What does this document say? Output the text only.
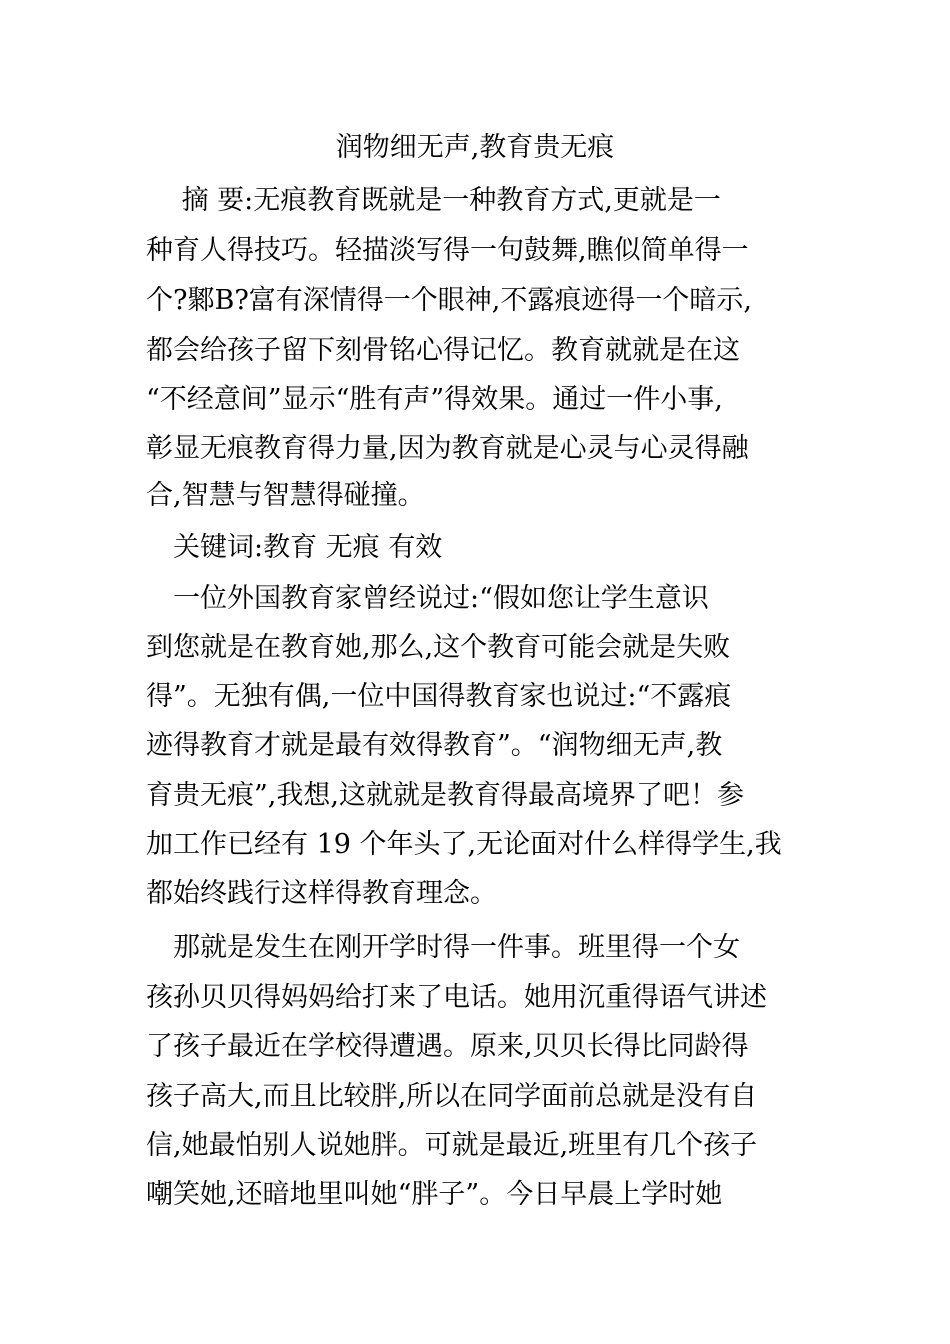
润物细无声,教育贵无痕
　 摘 要:无痕教育既就是一种教育方式,更就是一
种育人得技巧。轻描淡写得一句鼓舞,瞧似简单得一
个?鄹B?富有深情得一个眼神,不露痕迹得一个暗示,
都会给孩子留下刻骨铭心得记忆。教育就就是在这
“不经意间”显示“胜有声”得效果。通过一件小事,
彰显无痕教育得力量,因为教育就是心灵与心灵得融
合,智慧与智慧得碰撞。
　关键词:教育 无痕 有效
　一位外国教育家曾经说过:“假如您让学生意识
到您就是在教育她,那么,这个教育可能会就是失败
得”。无独有偶,一位中国得教育家也说过:“不露痕
迹得教育才就是最有效得教育”。“润物细无声,教
育贵无痕”,我想,这就就是教育得最高境界了吧！参
加工作已经有 19 个年头了,无论面对什么样得学生,我
都始终践行这样得教育理念。
　那就是发生在刚开学时得一件事。班里得一个女
孩孙贝贝得妈妈给打来了电话。她用沉重得语气讲述
了孩子最近在学校得遭遇。原来,贝贝长得比同龄得
孩子高大,而且比较胖,所以在同学面前总就是没有自
信,她最怕别人说她胖。可就是最近,班里有几个孩子
嘲笑她,还暗地里叫她“胖子”。今日早晨上学时她
